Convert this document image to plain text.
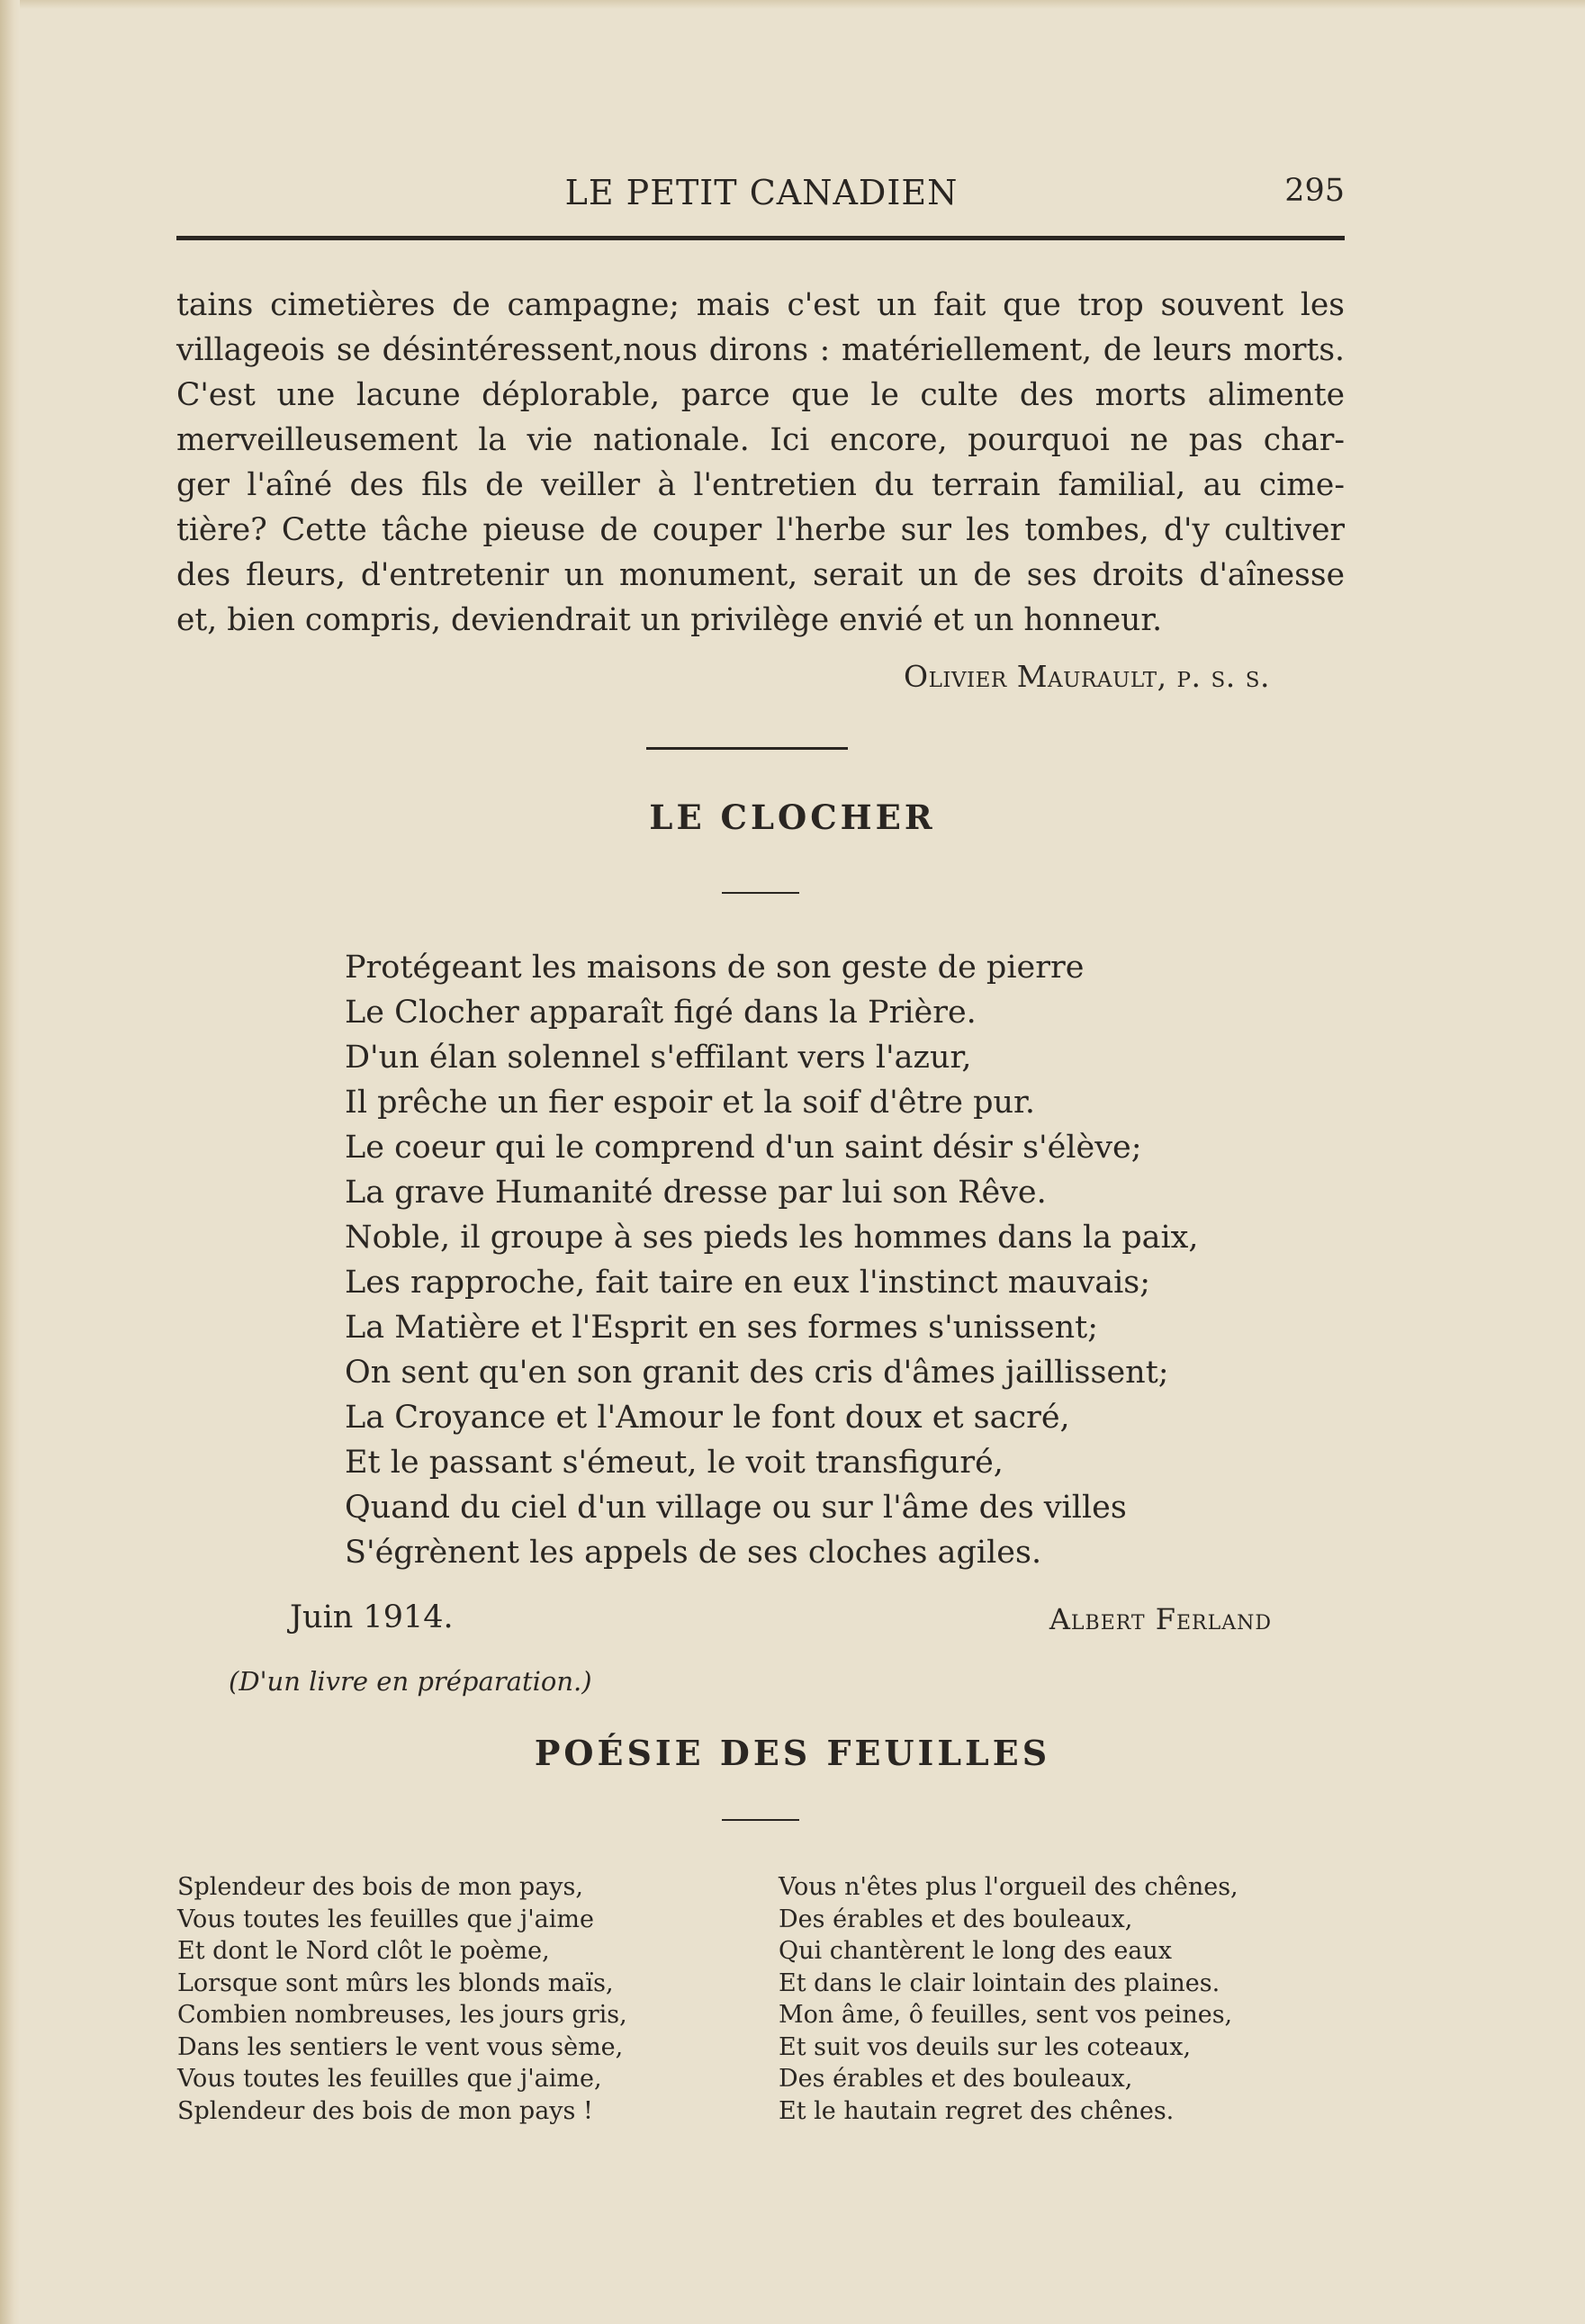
LE PETIT CANADIEN	295

tains cimetières de campagne; mais c'est un fait que trop souvent les
villageois se désintéressent,nous dirons : matériellement, de leurs morts.
C'est une lacune déplorable, parce que le culte des morts alimente
merveilleusement la vie nationale. Ici encore, pourquoi ne pas char-
ger l'aîné des fils de veiller à l'entretien du terrain familial, au cime-
tière? Cette tâche pieuse de couper l'herbe sur les tombes, d'y cultiver
des fleurs, d'entretenir un monument, serait un de ses droits d'aînesse
et, bien compris, deviendrait un privilège envié et un honneur.

Olivier Maurault, p. s. s.
LE CLOCHER
Protégeant les maisons de son geste de pierre
Le Clocher apparaît figé dans la Prière.
D'un élan solennel s'effilant vers l'azur,
Il prêche un fier espoir et la soif d'être pur.
Le coeur qui le comprend d'un saint désir s'élève;
La grave Humanité dresse par lui son Rêve.
Noble, il groupe à ses pieds les hommes dans la paix,
Les rapproche, fait taire en eux l'instinct mauvais;
La Matière et l'Esprit en ses formes s'unissent;
On sent qu'en son granit des cris d'âmes jaillissent;
La Croyance et l'Amour le font doux et sacré,
Et le passant s'émeut, le voit transfiguré,
Quand du ciel d'un village ou sur l'âme des villes
S'égrènent les appels de ses cloches agiles.
Juin 1914.	Albert Ferland
(D'un livre en préparation.)
POÉSIE DES FEUILLES
Splendeur des bois de mon pays,
Vous toutes les feuilles que j'aime
Et dont le Nord clôt le poème,
Lorsque sont mûrs les blonds maïs,
Combien nombreuses, les jours gris,
Dans les sentiers le vent vous sème,
Vous toutes les feuilles que j'aime,
Splendeur des bois de mon pays !
Vous n'êtes plus l'orgueil des chênes,
Des érables et des bouleaux,
Qui chantèrent le long des eaux
Et dans le clair lointain des plaines.
Mon âme, ô feuilles, sent vos peines,
Et suit vos deuils sur les coteaux,
Des érables et des bouleaux,
Et le hautain regret des chênes.
